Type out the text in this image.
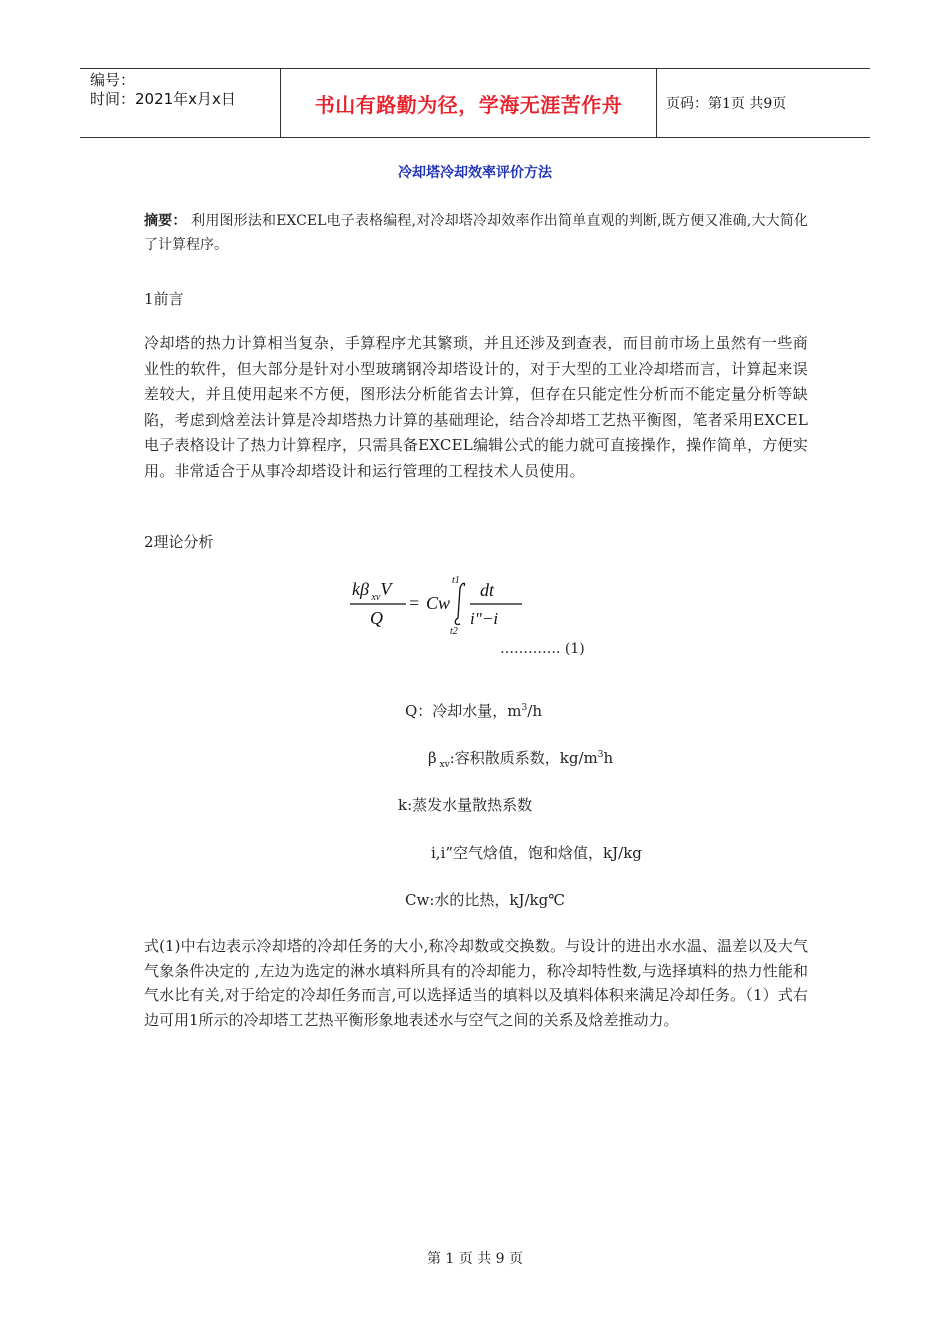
编号：
时间：2021年x月x日	书山有路勤为径，学海无涯苦作舟	页码：第1页 共9页
冷却塔冷却效率评价方法
摘要： 利用图形法和EXCEL电子表格编程,对冷却塔冷却效率作出简单直观的判断,既方便又准确,大大简化了计算程序。
1前言
冷却塔的热力计算相当复杂，手算程序尤其繁琐，并且还涉及到查表，而目前市场上虽然有一些商业性的软件，但大部分是针对小型玻璃钢冷却塔设计的，对于大型的工业冷却塔而言，计算起来误差较大，并且使用起来不方便，图形法分析能省去计算，但存在只能定性分析而不能定量分析等缺陷，考虑到焓差法计算是冷却塔热力计算的基础理论，结合冷却塔工艺热平衡图，笔者采用EXCEL电子表格设计了热力计算程序，只需具备EXCEL编辑公式的能力就可直接操作，操作简单，方便实用。非常适合于从事冷却塔设计和运行管理的工程技术人员使用。
2理论分析
kβ $_{xv}$V
Q
= Cw
t1
t2
dt
i"−i
…………. (1)
Q：冷却水量，$m^3/h$
β $_{xv}$:容积散质系数，$kg/m^3h$
k:蒸发水量散热系数
i,i”空气焓值，饱和焓值，kJ/kg
Cw:水的比热，kJ/kg℃
式(1)中右边表示冷却塔的冷却任务的大小,称冷却数或交换数。与设计的进出水水温、温差以及大气气象条件决定的 ,左边为选定的淋水填料所具有的冷却能力，称冷却特性数,与选择填料的热力性能和气水比有关,对于给定的冷却任务而言,可以选择适当的填料以及填料体积来满足冷却任务。（1）式右边可用1所示的冷却塔工艺热平衡形象地表述水与空气之间的关系及焓差推动力。
第 1 页 共 9 页
